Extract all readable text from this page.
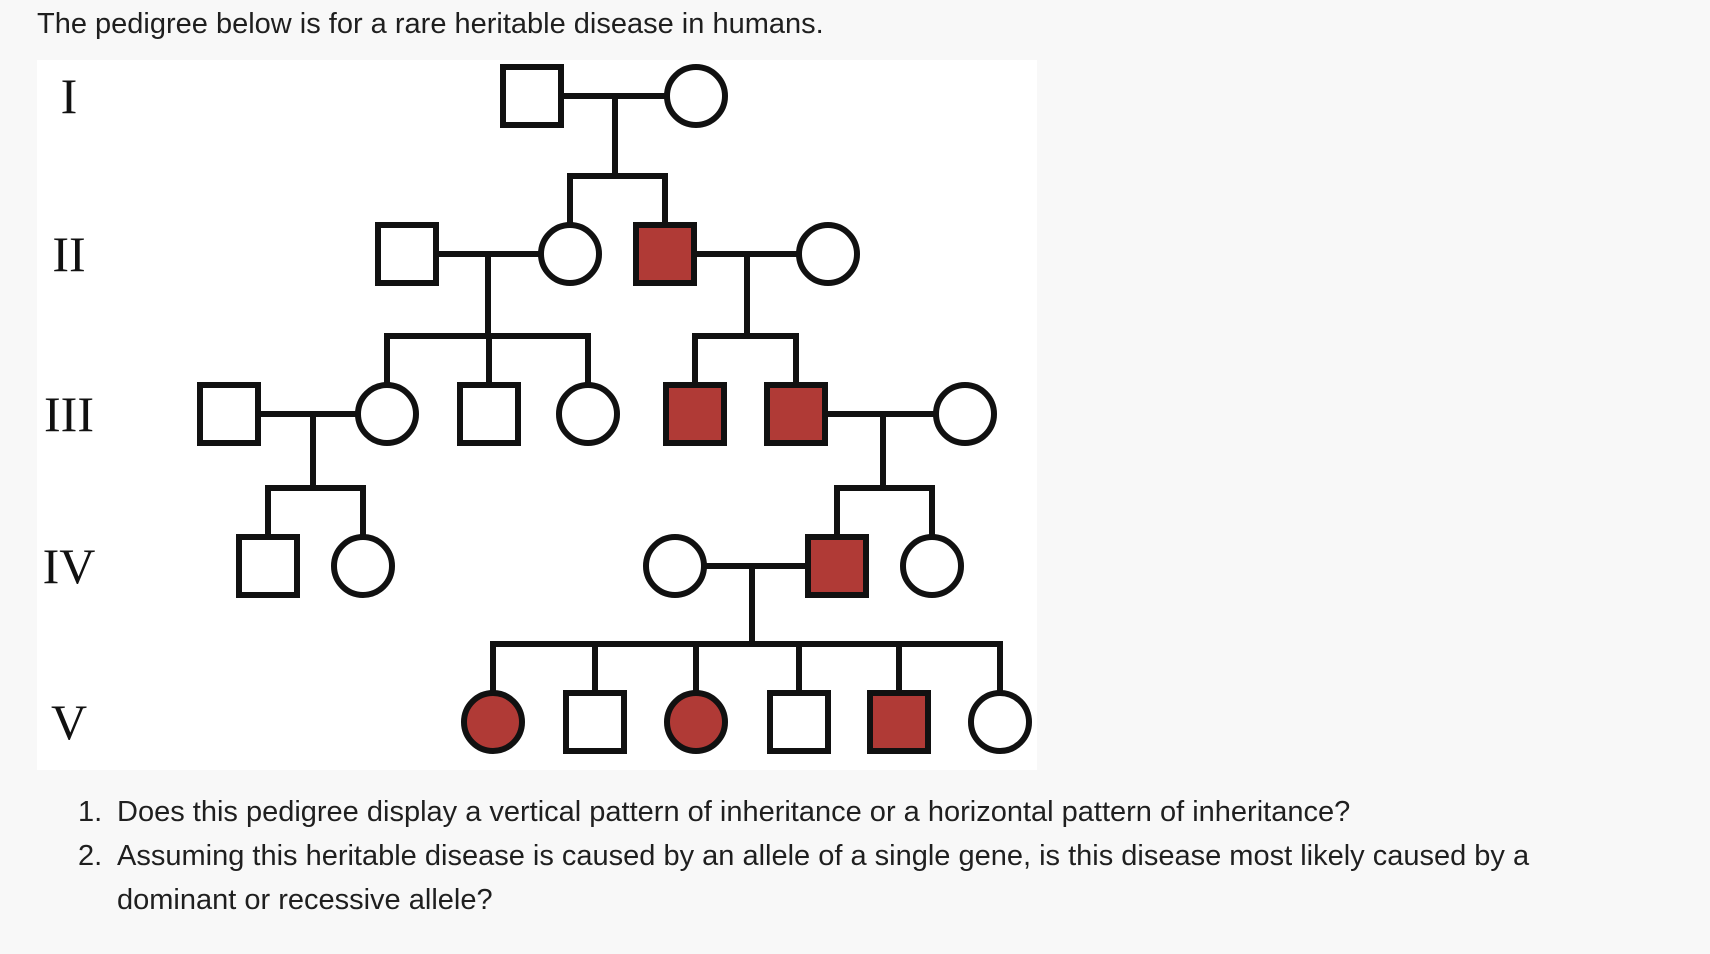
The pedigree below is for a rare heritable disease in humans.

I
II
III
IV
V
1. Does this pedigree display a vertical pattern of inheritance or a horizontal pattern of inheritance?
2. Assuming this heritable disease is caused by an allele of a single gene, is this disease most likely caused by a dominant or recessive allele?
